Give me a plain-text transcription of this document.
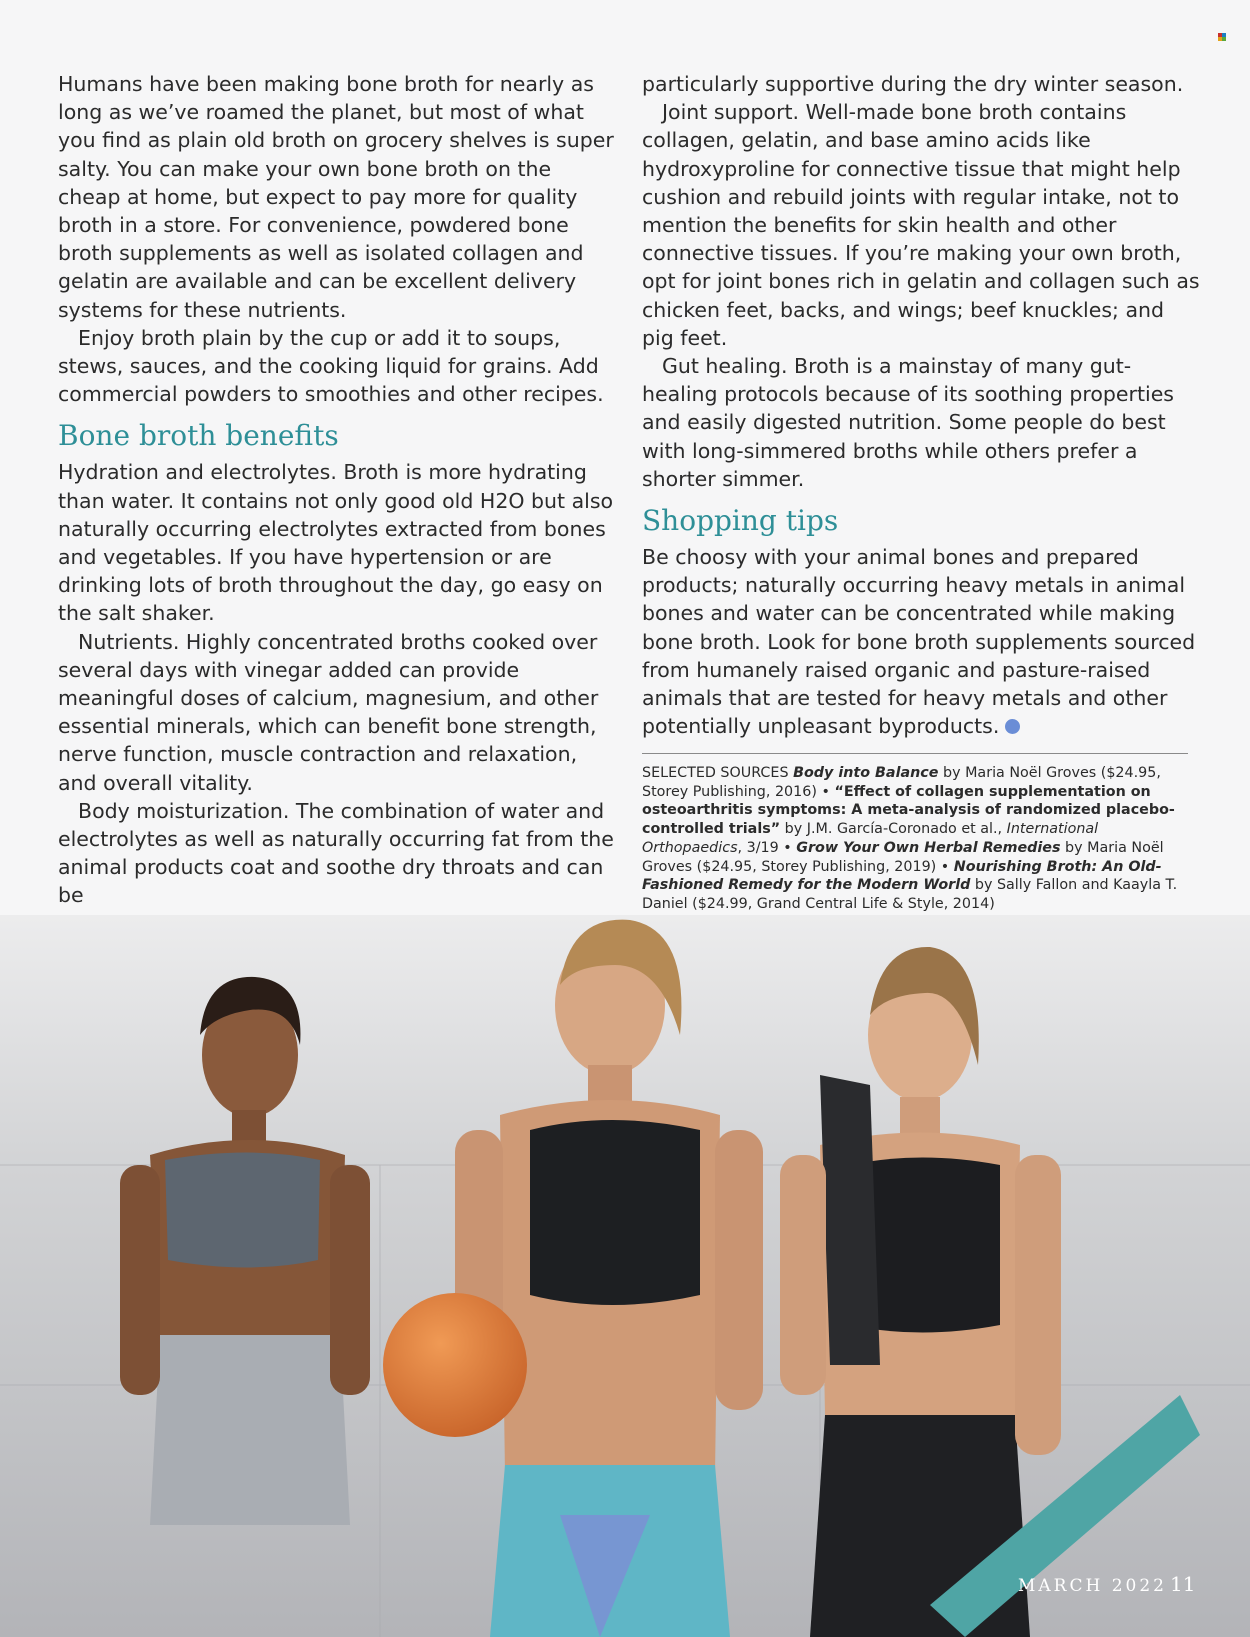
Humans have been making bone broth for nearly as long as we’ve roamed the planet, but most of what you find as plain old broth on grocery shelves is super salty. You can make your own bone broth on the cheap at home, but expect to pay more for quality broth in a store. For convenience, powdered bone broth supplements as well as isolated collagen and gelatin are available and can be excellent delivery systems for these nutrients.

Enjoy broth plain by the cup or add it to soups, stews, sauces, and the cooking liquid for grains. Add commercial powders to smoothies and other recipes.

Bone broth benefits

Hydration and electrolytes. Broth is more hydrating than water. It contains not only good old H2O but also naturally occurring electrolytes extracted from bones and vegetables. If you have hypertension or are drinking lots of broth throughout the day, go easy on the salt shaker.

Nutrients. Highly concentrated broths cooked over several days with vinegar added can provide meaningful doses of calcium, magnesium, and other essential minerals, which can benefit bone strength, nerve function, muscle contraction and relaxation, and overall vitality.

Body moisturization. The combination of water and electrolytes as well as naturally occurring fat from the animal products coat and soothe dry throats and can be

particularly supportive during the dry winter season.

Joint support. Well-made bone broth contains collagen, gelatin, and base amino acids like hydroxyproline for connective tissue that might help cushion and rebuild joints with regular intake, not to mention the benefits for skin health and other connective tissues. If you’re making your own broth, opt for joint bones rich in gelatin and collagen such as chicken feet, backs, and wings; beef knuckles; and pig feet.

Gut healing. Broth is a mainstay of many gut-healing protocols because of its soothing properties and easily digested nutrition. Some people do best with long-simmered broths while others prefer a shorter simmer.

Shopping tips

Be choosy with your animal bones and prepared products; naturally occurring heavy metals in animal bones and water can be concentrated while making bone broth. Look for bone broth supplements sourced from humanely raised organic and pasture-raised animals that are tested for heavy metals and other potentially unpleasant byproducts.

SELECTED SOURCES Body into Balance by Maria Noël Groves ($24.95, Storey Publishing, 2016) • “Effect of collagen supplementation on osteoarthritis symptoms: A meta-analysis of randomized placebo-controlled trials” by J.M. García-Coronado et al., International Orthopaedics, 3/19 • Grow Your Own Herbal Remedies by Maria Noël Groves ($24.95, Storey Publishing, 2019) • Nourishing Broth: An Old-Fashioned Remedy for the Modern World by Sally Fallon and Kaayla T. Daniel ($24.99, Grand Central Life & Style, 2014)
MARCH 2022 11
